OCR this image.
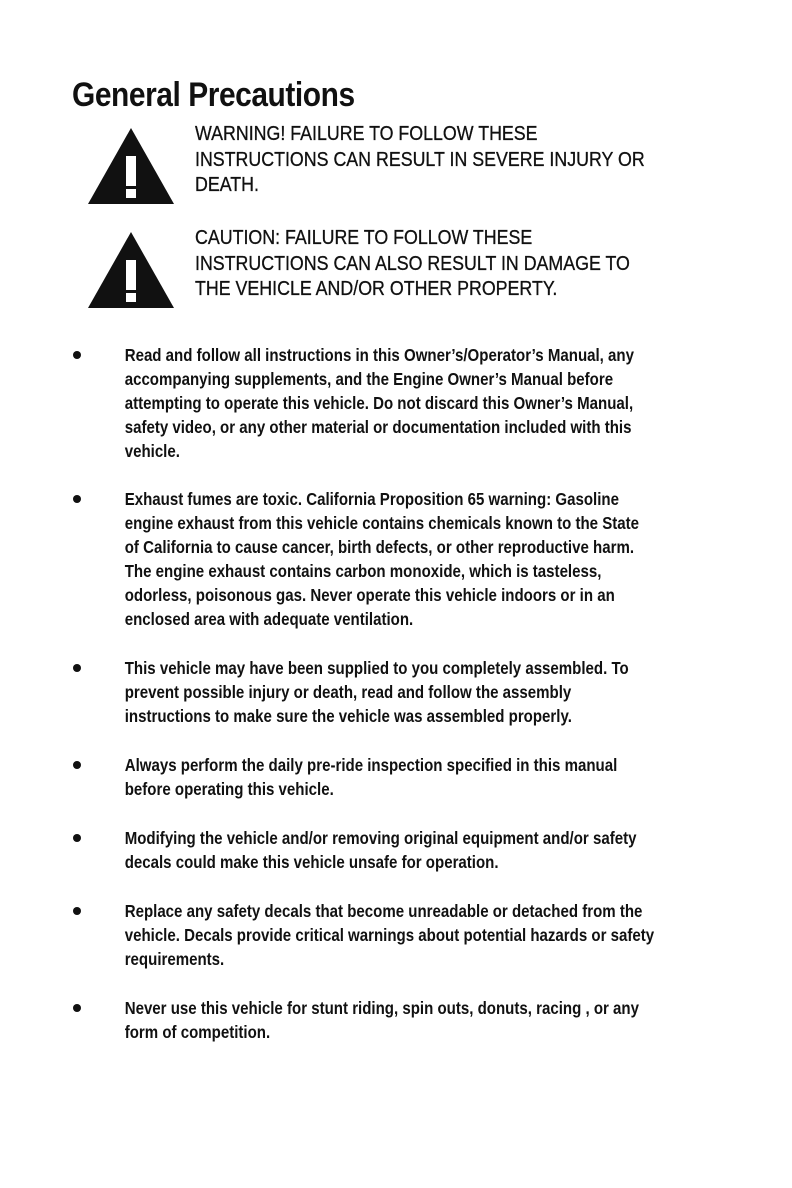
General Precautions

WARNING! FAILURE TO FOLLOW THESE INSTRUCTIONS CAN RESULT IN SEVERE INJURY OR DEATH.

CAUTION: FAILURE TO FOLLOW THESE INSTRUCTIONS CAN ALSO RESULT IN DAMAGE TO THE VEHICLE AND/OR OTHER PROPERTY.

Read and follow all instructions in this Owner’s/Operator’s Manual, any accompanying supplements, and the Engine Owner’s Manual before attempting to operate this vehicle. Do not discard this Owner’s Manual, safety video, or any other material or documentation included with this vehicle.

Exhaust fumes are toxic. California Proposition 65 warning: Gasoline engine exhaust from this vehicle contains chemicals known to the State of California to cause cancer, birth defects, or other reproductive harm. The engine exhaust contains carbon monoxide, which is tasteless, odorless, poisonous gas. Never operate this vehicle indoors or in an enclosed area with adequate ventilation.

This vehicle may have been supplied to you completely assembled. To prevent possible injury or death, read and follow the assembly instructions to make sure the vehicle was assembled properly.

Always perform the daily pre-ride inspection specified in this manual before operating this vehicle.

Modifying the vehicle and/or removing original equipment and/or safety decals could make this vehicle unsafe for operation.

Replace any safety decals that become unreadable or detached from the vehicle. Decals provide critical warnings about potential hazards or safety requirements.

Never use this vehicle for stunt riding, spin outs, donuts, racing , or any form of competition.
